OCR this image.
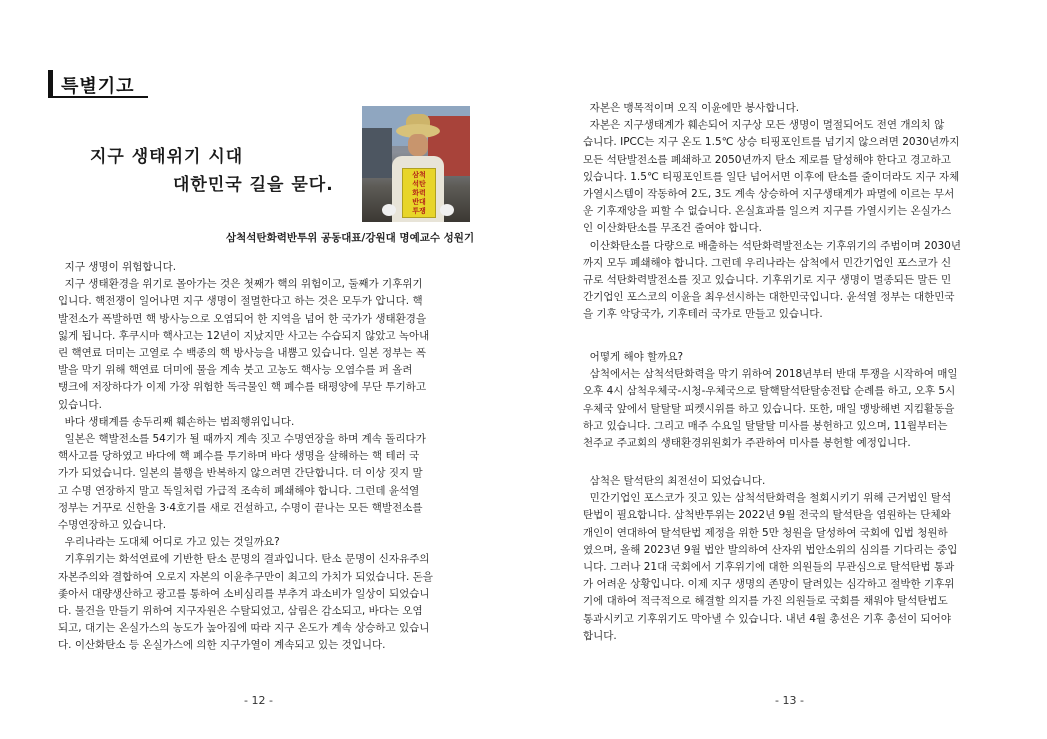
특별기고
지구 생태위기 시대
대한민국 길을 묻다.	삼척
석탄
화력
반대
투쟁
삼척석탄화력반투위 공동대표/강원대 명예교수 성원기

지구 생명이 위험합니다.

지구 생태환경을 위기로 몰아가는 것은 첫째가 핵의 위험이고, 둘째가 기후위기

입니다. 핵전쟁이 일어나면 지구 생명이 절멸한다고 하는 것은 모두가 압니다. 핵

발전소가 폭발하면 핵 방사능으로 오염되어 한 지역을 넘어 한 국가가 생태환경을

잃게 됩니다. 후쿠시마 핵사고는 12년이 지났지만 사고는 수습되지 않았고 녹아내

린 핵연료 더미는 고열로 수 백종의 핵 방사능을 내뿜고 있습니다. 일본 정부는 폭

발을 막기 위해 핵연료 더미에 물을 계속 붓고 고농도 핵사능 오염수를 퍼 올려

탱크에 저장하다가 이제 가장 위험한 독극물인 핵 폐수를 태평양에 무단 투기하고

있습니다.

바다 생태계를 송두리째 훼손하는 범죄행위입니다.

일본은 핵발전소를 54기가 될 때까지 계속 짓고 수명연장을 하며 계속 돌리다가

핵사고를 당하였고 바다에 핵 폐수를 투기하며 바다 생명을 살해하는 핵 테러 국

가가 되었습니다. 일본의 불행을 반복하지 않으려면 간단합니다. 더 이상 짓지 말

고 수명 연장하지 말고 독일처럼 가급적 조속히 폐쇄해야 합니다. 그런데 윤석열

정부는 거꾸로 신한울 3·4호기를 새로 건설하고, 수명이 끝나는 모든 핵발전소를

수명연장하고 있습니다.

우리나라는 도대체 어디로 가고 있는 것일까요?

기후위기는 화석연료에 기반한 탄소 문명의 결과입니다. 탄소 문명이 신자유주의

자본주의와 결합하여 오로지 자본의 이윤추구만이 최고의 가치가 되었습니다. 돈을

좇아서 대량생산하고 광고를 통하여 소비심리를 부추겨 과소비가 일상이 되었습니

다. 물건을 만들기 위하여 지구자원은 수탈되었고, 삼림은 감소되고, 바다는 오염

되고, 대기는 온실가스의 농도가 높아짐에 따라 지구 온도가 계속 상승하고 있습니

다. 이산화탄소 등 온실가스에 의한 지구가열이 계속되고 있는 것입니다.

- 12 -

자본은 맹목적이며 오직 이윤에만 봉사합니다.

자본은 지구생태계가 훼손되어 지구상 모든 생명이 멸절되어도 전연 개의치 않

습니다. IPCC는 지구 온도 1.5℃ 상승 티핑포인트를 넘기지 않으려면 2030년까지

모든 석탄발전소를 폐쇄하고 2050년까지 탄소 제로를 달성해야 한다고 경고하고

있습니다. 1.5℃ 티핑포인트를 일단 넘어서면 이후에 탄소를 줄이더라도 지구 자체

가열시스템이 작동하여 2도, 3도 계속 상승하여 지구생태계가 파멸에 이르는 무서

운 기후재앙을 피할 수 없습니다. 온실효과를 일으켜 지구를 가열시키는 온실가스

인 이산화탄소를 무조건 줄여야 합니다.

이산화탄소를 다량으로 배출하는 석탄화력발전소는 기후위기의 주범이며 2030년

까지 모두 폐쇄해야 합니다. 그런데 우리나라는 삼척에서 민간기업인 포스코가 신

규로 석탄화력발전소를 짓고 있습니다. 기후위기로 지구 생명이 멸종되든 말든 민

간기업인 포스코의 이윤을 최우선시하는 대한민국입니다. 윤석열 정부는 대한민국

을 기후 악당국가, 기후테러 국가로 만들고 있습니다.

어떻게 해야 할까요?

삼척에서는 삼척석탄화력을 막기 위하여 2018년부터 반대 투쟁을 시작하여 매일

오후 4시 삼척우체국-시청-우체국으로 탈핵탈석탄탈송전탑 순례를 하고, 오후 5시

우체국 앞에서 탈탈탈 피켓시위를 하고 있습니다. 또한, 매일 맹방해변 지킴활동을

하고 있습니다. 그리고 매주 수요일 탈탈탈 미사를 봉헌하고 있으며, 11월부터는

천주교 주교회의 생태환경위원회가 주관하여 미사를 봉헌할 예정입니다.

삼척은 탈석탄의 최전선이 되었습니다.

민간기업인 포스코가 짓고 있는 삼척석탄화력을 철회시키기 위해 근거법인 탈석

탄법이 필요합니다. 삼척반투위는 2022년 9월 전국의 탈석탄을 염원하는 단체와

개인이 연대하여 탈석탄법 제정을 위한 5만 청원을 달성하여 국회에 입법 청원하

였으며, 올해 2023년 9월 법안 발의하여 산자위 법안소위의 심의를 기다리는 중입

니다. 그러나 21대 국회에서 기후위기에 대한 의원들의 무관심으로 탈석탄법 통과

가 어려운 상황입니다. 이제 지구 생명의 존망이 달려있는 심각하고 절박한 기후위

기에 대하여 적극적으로 해결할 의지를 가진 의원들로 국회를 채워야 탈석탄법도

통과시키고 기후위기도 막아낼 수 있습니다. 내년 4월 총선은 기후 총선이 되어야

합니다.

- 13 -
